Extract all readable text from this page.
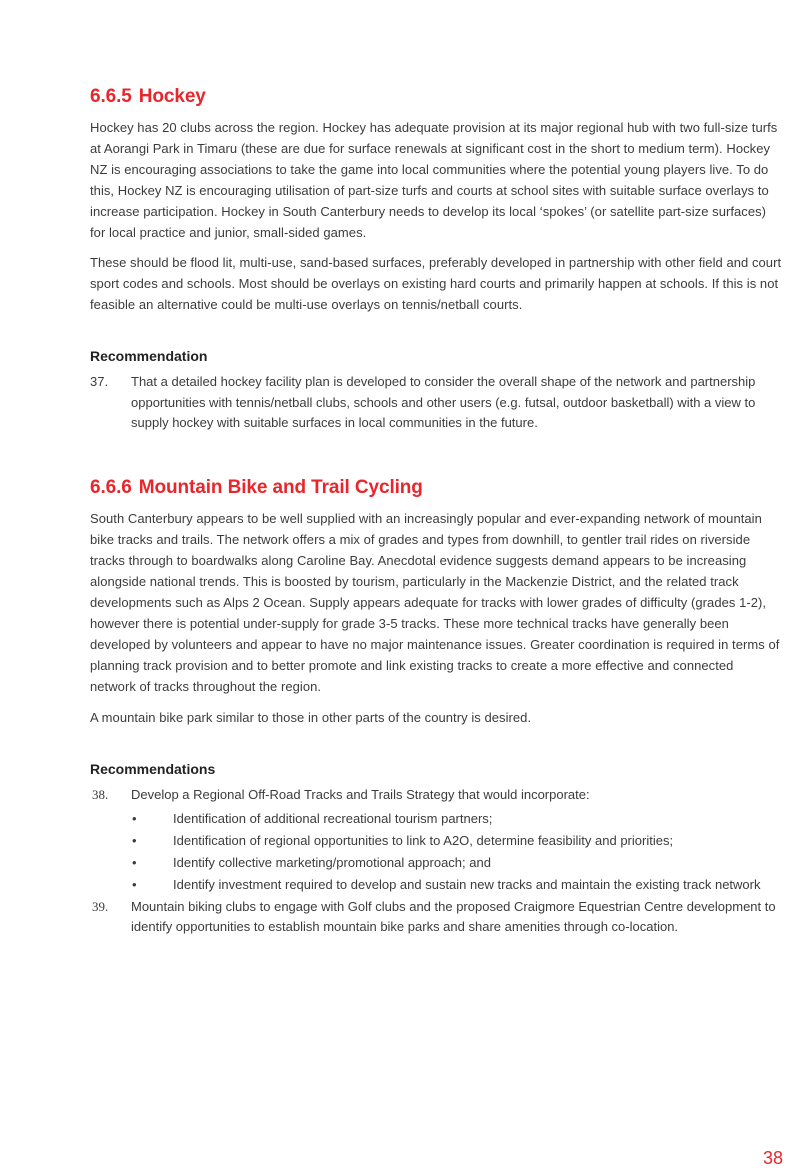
6.6.5 Hockey

Hockey has 20 clubs across the region. Hockey has adequate provision at its major regional hub with two full-size turfs at Aorangi Park in Timaru (these are due for surface renewals at significant cost in the short to medium term). Hockey NZ is encouraging associations to take the game into local communities where the potential young players live. To do this, Hockey NZ is encouraging utilisation of part-size turfs and courts at school sites with suitable surface overlays to increase participation. Hockey in South Canterbury needs to develop its local ‘spokes’ (or satellite part-size surfaces) for local practice and junior, small-sided games.

These should be flood lit, multi-use, sand-based surfaces, preferably developed in partnership with other field and court sport codes and schools. Most should be overlays on existing hard courts and primarily happen at schools. If this is not feasible an alternative could be multi-use overlays on tennis/netball courts.

Recommendation
37. That a detailed hockey facility plan is developed to consider the overall shape of the network and partnership opportunities with tennis/netball clubs, schools and other users (e.g. futsal, outdoor basketball) with a view to supply hockey with suitable surfaces in local communities in the future.
6.6.6 Mountain Bike and Trail Cycling

South Canterbury appears to be well supplied with an increasingly popular and ever-expanding network of mountain bike tracks and trails. The network offers a mix of grades and types from downhill, to gentler trail rides on riverside tracks through to boardwalks along Caroline Bay. Anecdotal evidence suggests demand appears to be increasing alongside national trends. This is boosted by tourism, particularly in the Mackenzie District, and the related track developments such as Alps 2 Ocean. Supply appears adequate for tracks with lower grades of difficulty (grades 1-2), however there is potential under-supply for grade 3-5 tracks. These more technical tracks have generally been developed by volunteers and appear to have no major maintenance issues. Greater coordination is required in terms of planning track provision and to better promote and link existing tracks to create a more effective and connected network of tracks throughout the region.

A mountain bike park similar to those in other parts of the country is desired.

Recommendations
38. Develop a Regional Off-Road Tracks and Trails Strategy that would incorporate:
•	Identification of additional recreational tourism partners;
•	Identification of regional opportunities to link to A2O, determine feasibility and priorities;
•	Identify collective marketing/promotional approach; and
•	Identify investment required to develop and sustain new tracks and maintain the existing track network
39. Mountain biking clubs to engage with Golf clubs and the proposed Craigmore Equestrian Centre development to identify opportunities to establish mountain bike parks and share amenities through co-location.
38
